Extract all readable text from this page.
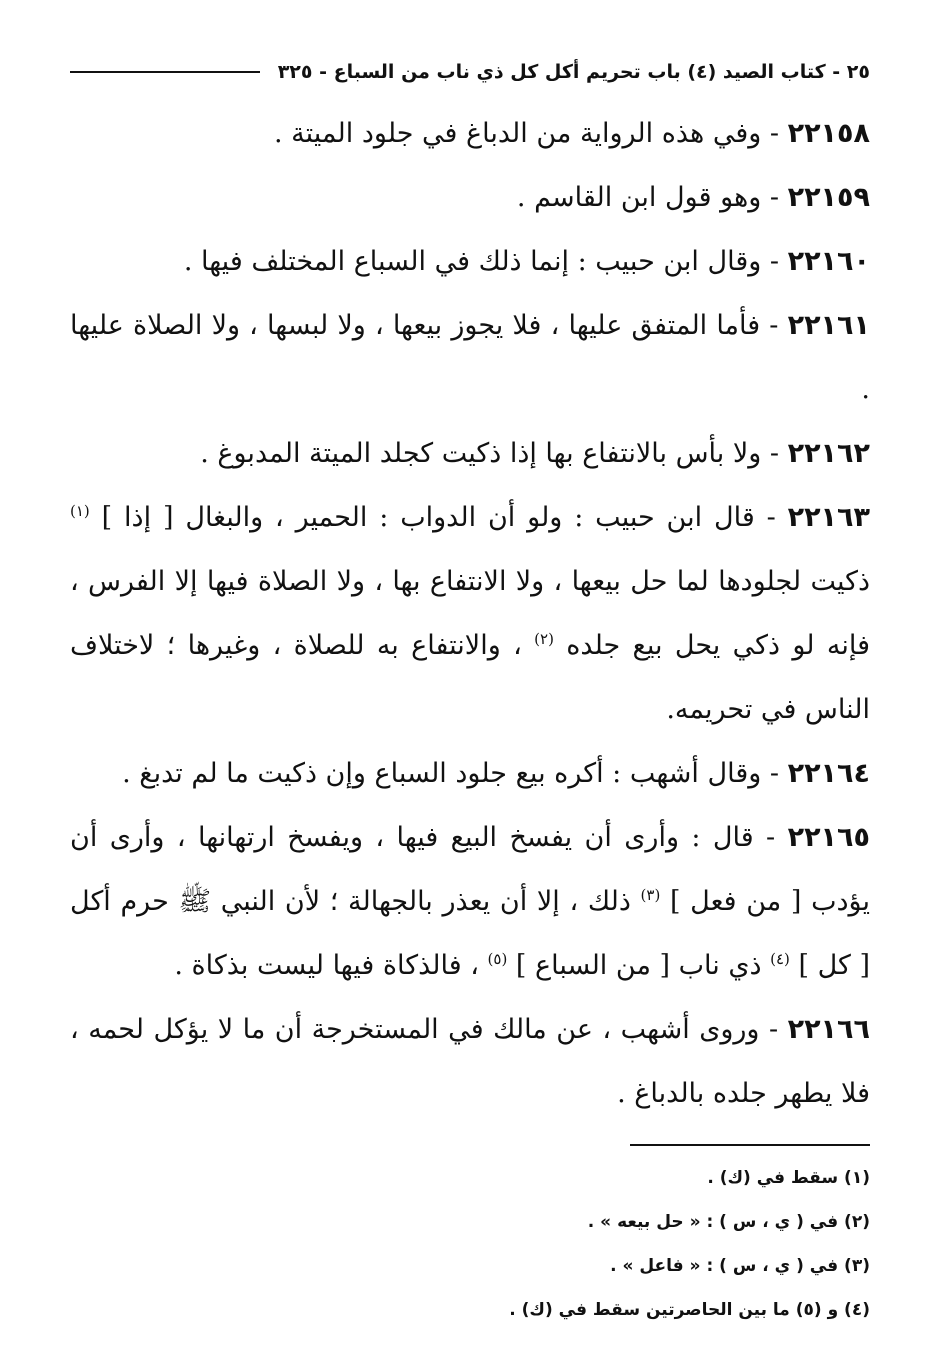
٢٥ - كتاب الصيد (٤) باب تحريم أكل كل ذي ناب من السباع - ٣٢٥

٢٢١٥٨ - وفي هذه الرواية من الدباغ في جلود الميتة .

٢٢١٥٩ - وهو قول ابن القاسم .

٢٢١٦٠ - وقال ابن حبيب : إنما ذلك في السباع المختلف فيها .

٢٢١٦١ - فأما المتفق عليها ، فلا يجوز بيعها ، ولا لبسها ، ولا الصلاة عليها .

٢٢١٦٢ - ولا بأس بالانتفاع بها إذا ذكيت كجلد الميتة المدبوغ .

٢٢١٦٣ - قال ابن حبيب : ولو أن الدواب : الحمير ، والبغال [ إذا ] $^{(١)}$ ذكيت لجلودها لما حل بيعها ، ولا الانتفاع بها ، ولا الصلاة فيها إلا الفرس ، فإنه لو ذكي يحل بيع جلده $^{(٢)}$ ، والانتفاع به للصلاة ، وغيرها ؛ لاختلاف الناس في تحريمه.

٢٢١٦٤ - وقال أشهب : أكره بيع جلود السباع وإن ذكيت ما لم تدبغ .

٢٢١٦٥ - قال : وأرى أن يفسخ البيع فيها ، ويفسخ ارتهانها ، وأرى أن يؤدب [ من فعل ] $^{(٣)}$ ذلك ، إلا أن يعذر بالجهالة ؛ لأن النبي ﷺ حرم أكل [ كل ] $^{(٤)}$ ذي ناب [ من السباع ] $^{(٥)}$ ، فالذكاة فيها ليست بذكاة .

٢٢١٦٦ - وروى أشهب ، عن مالك في المستخرجة أن ما لا يؤكل لحمه ، فلا يطهر جلده بالدباغ .

(١) سقط في (ك) .

(٢) في ( ي ، س ) : « حل بيعه » .

(٣) في ( ي ، س ) : « فاعل » .

(٤) و (٥) ما بين الحاصرتين سقط في (ك) .
